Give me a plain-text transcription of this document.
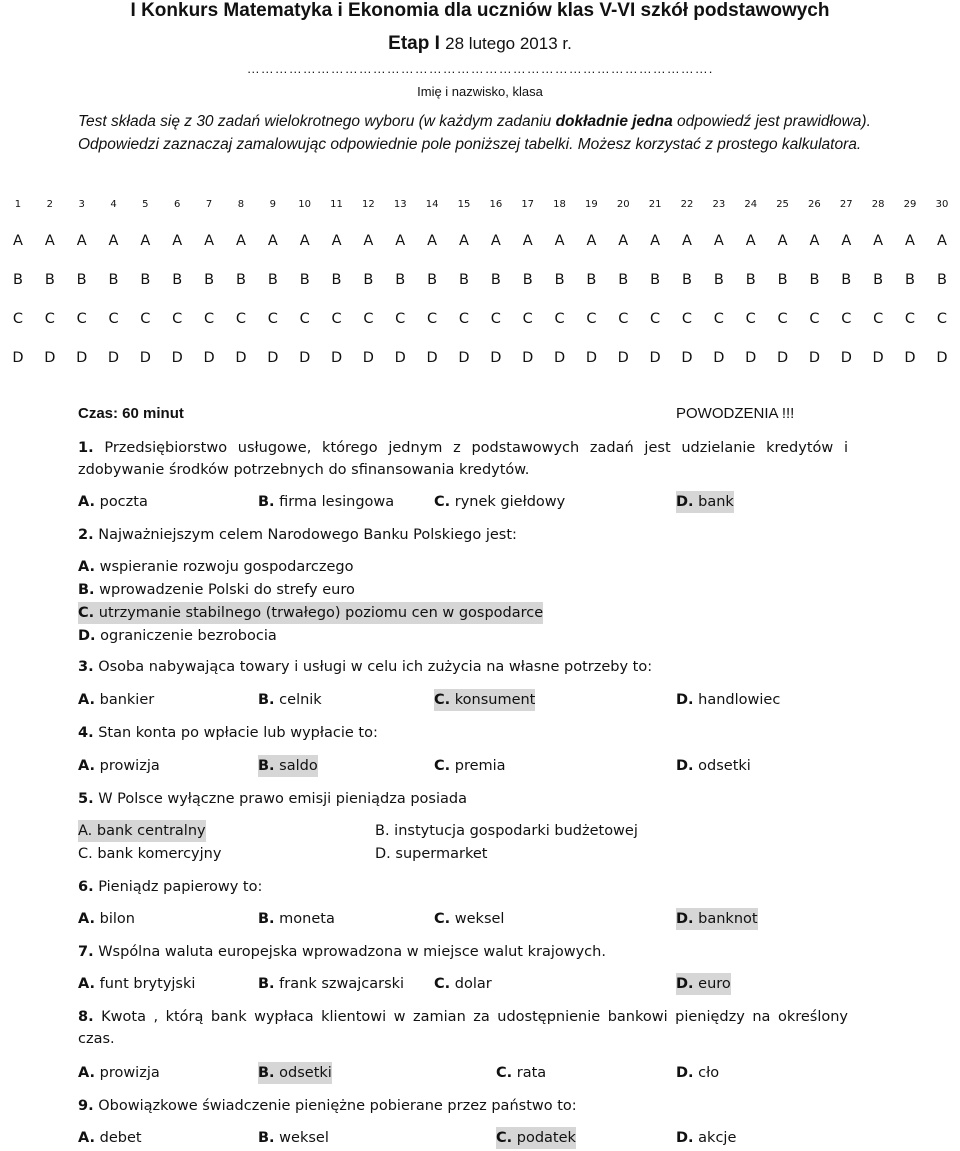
I Konkurs Matematyka i Ekonomia dla uczniów klas V-VI szkół podstawowych
Etap I 28 lutego 2013 r.
……………………………………………………………………………………….
Imię i nazwisko, klasa
Test składa się z 30 zadań wielokrotnego wyboru (w każdym zadaniu dokładnie jedna odpowiedź jest prawidłowa). Odpowiedzi zaznaczaj zamalowując odpowiednie pole poniższej tabelki. Możesz korzystać z prostego kalkulatora.
1	2	3	4	5	6	7	8	9	10	11	12	13	14	15	16	17	18	19	20	21	22	23	24	25	26	27	28	29	30
A	A	A	A	A	A	A	A	A	A	A	A	A	A	A	A	A	A	A	A	A	A	A	A	A	A	A	A	A	A
B	B	B	B	B	B	B	B	B	B	B	B	B	B	B	B	B	B	B	B	B	B	B	B	B	B	B	B	B	B
C	C	C	C	C	C	C	C	C	C	C	C	C	C	C	C	C	C	C	C	C	C	C	C	C	C	C	C	C	C
D	D	D	D	D	D	D	D	D	D	D	D	D	D	D	D	D	D	D	D	D	D	D	D	D	D	D	D	D	D
Czas: 60 minut	POWODZENIA !!!
1. Przedsiębiorstwo usługowe, którego jednym z podstawowych zadań jest udzielanie kredytów i zdobywanie środków potrzebnych do sfinansowania kredytów.
A. poczta	B. firma lesingowa	C. rynek giełdowy	D. bank
2. Najważniejszym celem Narodowego Banku Polskiego jest:
A. wspieranie rozwoju gospodarczego
B. wprowadzenie Polski do strefy euro
C. utrzymanie stabilnego (trwałego) poziomu cen w gospodarce
D. ograniczenie bezrobocia
3. Osoba nabywająca towary i usługi w celu ich zużycia na własne potrzeby to:
A. bankier	B. celnik	C. konsument	D. handlowiec
4. Stan konta po wpłacie lub wypłacie to:
A. prowizja	B. saldo	C. premia	D. odsetki
5. W Polsce wyłączne prawo emisji pieniądza posiada
A. bank centralny	B. instytucja gospodarki budżetowej
C. bank komercyjny	D. supermarket
6. Pieniądz papierowy to:
A. bilon	B. moneta	C. weksel	D. banknot
7. Wspólna waluta europejska wprowadzona w miejsce walut krajowych.
A. funt brytyjski	B. frank szwajcarski C. dolar	D. euro
8. Kwota , którą bank wypłaca klientowi w zamian za udostępnienie bankowi pieniędzy na określony czas.
A. prowizja	B. odsetki	C. rata	D. cło
9. Obowiązkowe świadczenie pieniężne pobierane przez państwo to:
A. debet	B. weksel	C. podatek	D. akcje
